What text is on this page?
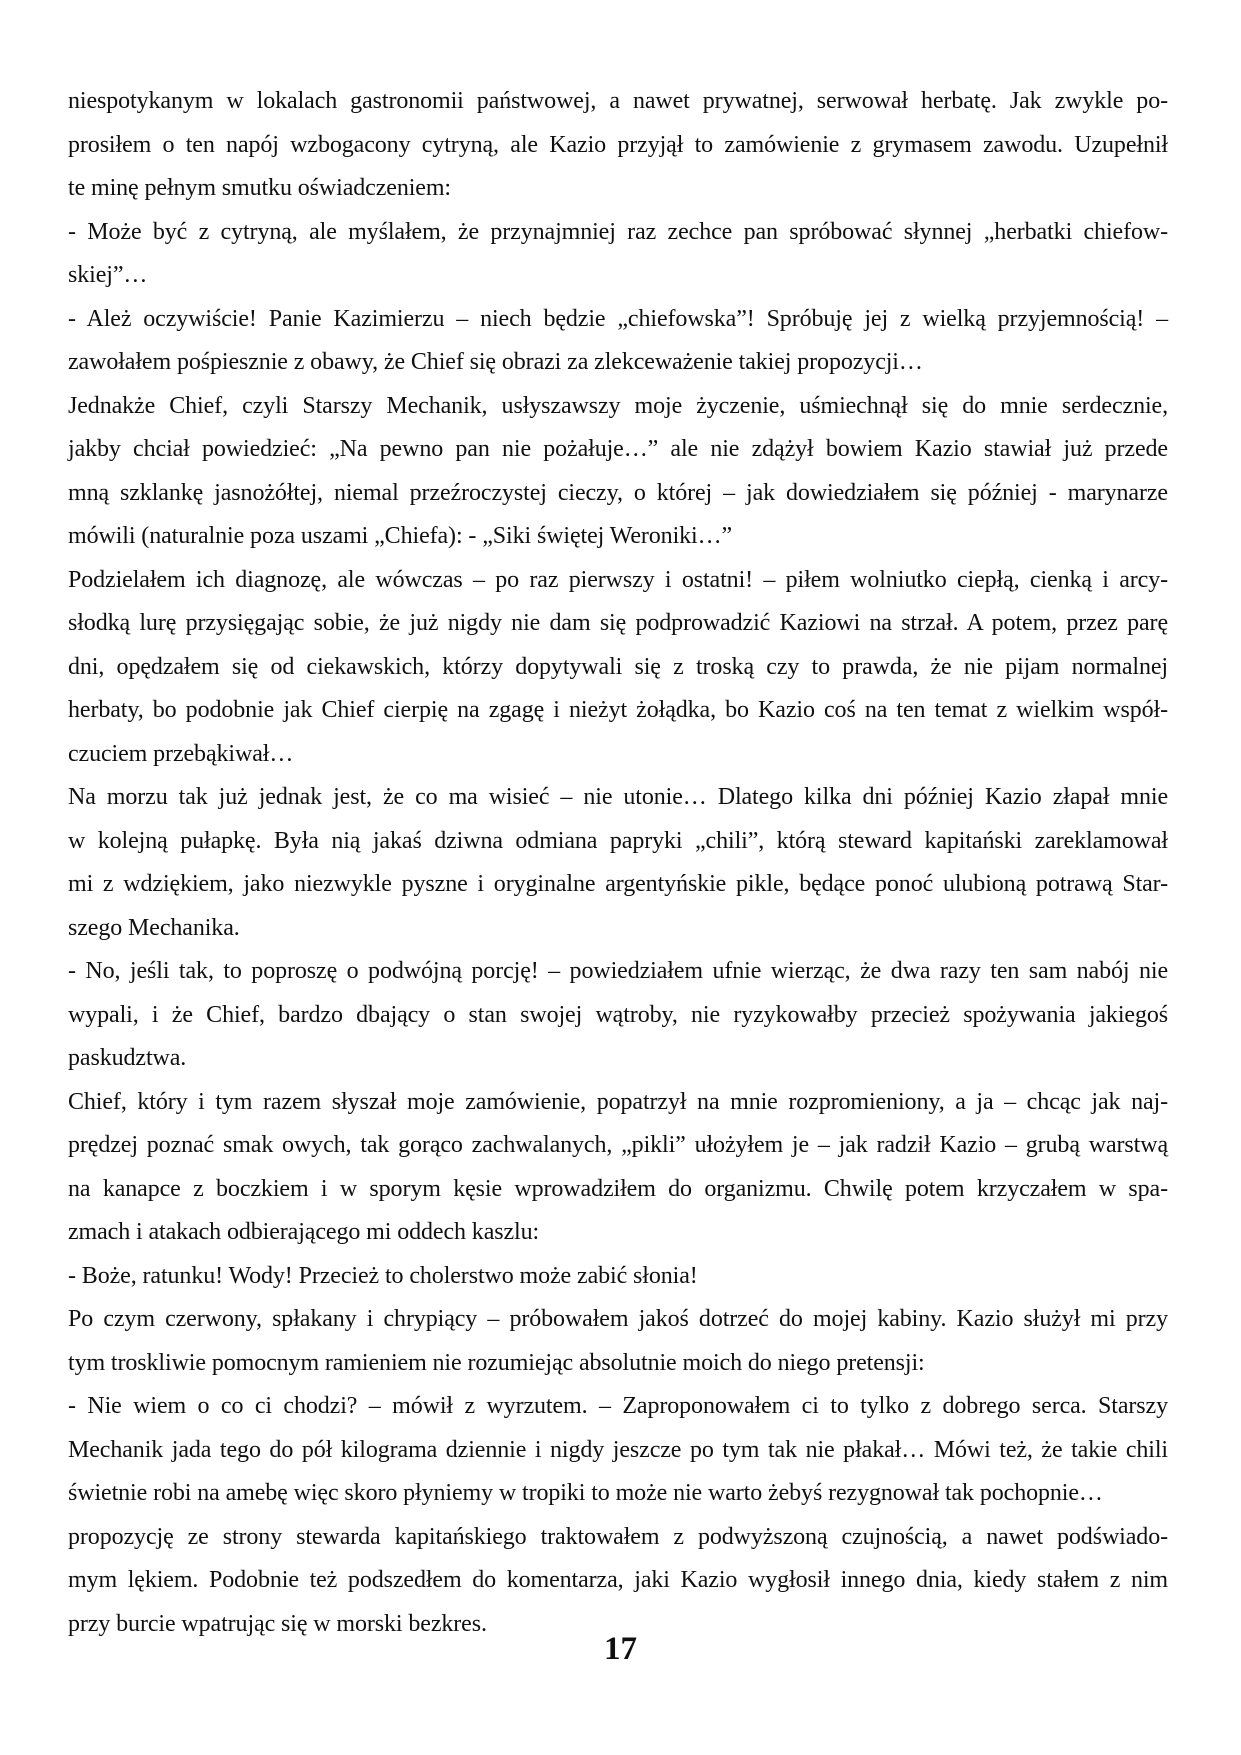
niespotykanym w lokalach gastronomii państwowej, a nawet prywatnej, serwował herbatę. Jak zwykle po-
prosiłem o ten napój wzbogacony cytryną, ale Kazio przyjął to zamówienie z grymasem zawodu. Uzupełnił
te minę pełnym smutku oświadczeniem:
- Może być z cytryną, ale myślałem, że przynajmniej raz zechce pan spróbować słynnej „herbatki chiefow-
skiej”…
- Ależ oczywiście! Panie Kazimierzu – niech będzie „chiefowska”! Spróbuję jej z wielką przyjemnością! –
zawołałem pośpiesznie z obawy, że Chief się obrazi za zlekceważenie takiej propozycji…
Jednakże Chief, czyli Starszy Mechanik, usłyszawszy moje życzenie, uśmiechnął się do mnie serdecznie,
jakby chciał powiedzieć: „Na pewno pan nie pożałuje…” ale nie zdążył bowiem Kazio stawiał już przede
mną szklankę jasnożółtej, niemal przeźroczystej cieczy, o której – jak dowiedziałem się później - marynarze
mówili (naturalnie poza uszami „Chiefa): - „Siki świętej Weroniki…”
Podzielałem ich diagnozę, ale wówczas – po raz pierwszy i ostatni! – piłem wolniutko ciepłą, cienką i arcy-
słodką lurę przysięgając sobie, że już nigdy nie dam się podprowadzić Kaziowi na strzał. A potem, przez parę
dni, opędzałem się od ciekawskich, którzy dopytywali się z troską czy to prawda, że nie pijam normalnej
herbaty, bo podobnie jak Chief cierpię na zgagę i nieżyt żołądka, bo Kazio coś na ten temat z wielkim współ-
czuciem przebąkiwał…
Na morzu tak już jednak jest, że co ma wisieć – nie utonie… Dlatego kilka dni później Kazio złapał mnie
w kolejną pułapkę. Była nią jakaś dziwna odmiana papryki „chili”, którą steward kapitański zareklamował
mi z wdziękiem, jako niezwykle pyszne i oryginalne argentyńskie pikle, będące ponoć ulubioną potrawą Star-
szego Mechanika.
- No, jeśli tak, to poproszę o podwójną porcję! – powiedziałem ufnie wierząc, że dwa razy ten sam nabój nie
wypali, i że Chief, bardzo dbający o stan swojej wątroby, nie ryzykowałby przecież spożywania jakiegoś
paskudztwa.
Chief, który i tym razem słyszał moje zamówienie, popatrzył na mnie rozpromieniony, a ja – chcąc jak naj-
prędzej poznać smak owych, tak gorąco zachwalanych, „pikli” ułożyłem je – jak radził Kazio – grubą warstwą
na kanapce z boczkiem i w sporym kęsie wprowadziłem do organizmu. Chwilę potem krzyczałem w spa-
zmach i atakach odbierającego mi oddech kaszlu:
- Boże, ratunku! Wody! Przecież to cholerstwo może zabić słonia!
Po czym czerwony, spłakany i chrypiący – próbowałem jakoś dotrzeć do mojej kabiny. Kazio służył mi przy
tym troskliwie pomocnym ramieniem nie rozumiejąc absolutnie moich do niego pretensji:
- Nie wiem o co ci chodzi? – mówił z wyrzutem. – Zaproponowałem ci to tylko z dobrego serca. Starszy
Mechanik jada tego do pół kilograma dziennie i nigdy jeszcze po tym tak nie płakał… Mówi też, że takie chili
świetnie robi na amebę więc skoro płyniemy w tropiki to może nie warto żebyś rezygnował tak pochopnie…
propozycję ze strony stewarda kapitańskiego traktowałem z podwyższoną czujnością, a nawet podświado-
mym lękiem. Podobnie też podszedłem do komentarza, jaki Kazio wygłosił innego dnia, kiedy stałem z nim
przy burcie wpatrując się w morski bezkres.
17
